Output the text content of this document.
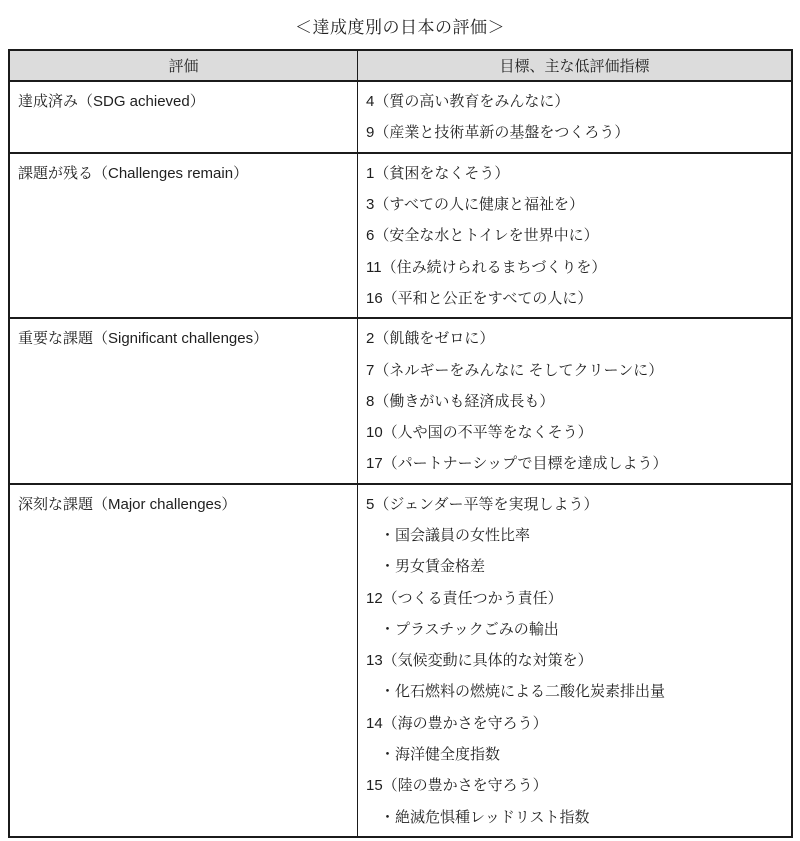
＜達成度別の日本の評価＞
評価	目標、主な低評価指標

達成済み（SDG achieved）	4（質の高い教育をみんなに）
9（産業と技術革新の基盤をつくろう）

課題が残る（Challenges remain）	1（貧困をなくそう）
3（すべての人に健康と福祉を）
6（安全な水とトイレを世界中に）
11（住み続けられるまちづくりを）
16（平和と公正をすべての人に）

重要な課題（Significant challenges）	2（飢餓をゼロに）
7（ネルギーをみんなに そしてクリーンに）
8（働きがいも経済成長も）
10（人や国の不平等をなくそう）
17（パートナーシップで目標を達成しよう）

深刻な課題（Major challenges）	5（ジェンダー平等を実現しよう）
・国会議員の女性比率
・男女賃金格差
12（つくる責任つかう責任）
・プラスチックごみの輸出
13（気候変動に具体的な対策を）
・化石燃料の燃焼による二酸化炭素排出量
14（海の豊かさを守ろう）
・海洋健全度指数
15（陸の豊かさを守ろう）
・絶滅危惧種レッドリスト指数
